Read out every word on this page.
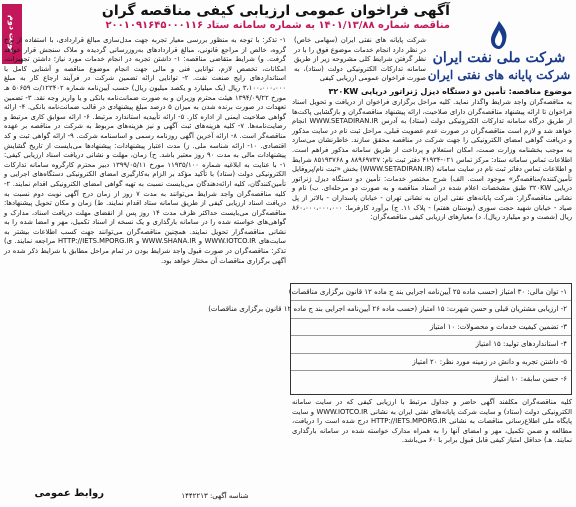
نوبت دوم
آگهی فراخوان عمومی ارزیابی کیفی مناقصه گران
مناقصه شماره ۱۴۰۱/۱۳/۸۸ به شماره سامانه ستاد ۲۰۰۱۰۹۱۶۴۵۰۰۰۱۱۶
شرکت ملی نفت ایران
شرکت پایانه های نفتی ایران
شرکت پایانه های نفتی ایران (سهامی خاص) در نظر دارد انجام خدمات موضوع فوق را با در نظر گرفتن شرایط کلی مشروحه زیر از طریق سامانه تدارکات الکترونیکی دولت (ستاد)، به صورت فراخوان عمومی ارزیابی کیفی
موضوع مناقصه: تأمین دو دستگاه دیزل ژنراتور دریایی ۳۲۰KW
به مناقصه‌گران واجد شرایط واگذار نماید. کلیه مراحل برگزاری فراخوان از دریافت و تحویل اسناد فراخوان تا ارائه پیشنهاد مناقصه‌گران دارای صلاحیت، ارائه پیشنهاد مناقصه‌گران و بازگشایی پاکت‌ها از طریق درگاه سامانه تدارکات الکترونیکی دولت (ستاد) به آدرس WWW.SETADIRAN.IR انجام خواهد شد و لازم است مناقصه‌گران در صورت عدم عضویت قبلی، مراحل ثبت نام در سایت مذکور و دریافت گواهی امضای الکترونیکی را جهت شرکت در مناقصه محقق سازند. خاطرنشان می‌سازد به موجب بخشنامه وزارت صمت، امکان استعلام و پرداخت از طریق سامانه مذکور فراهم است. اطلاعات تماس سامانه ستاد: مرکز تماس ۰۲۱-۴۱۹۳۴ دفتر ثبت نام: ۸۸۹۶۹۷۳۷ و ۸۵۱۹۳۷۶۸ شرایط و اطلاعات تماس دفاتر ثبت نام در سایت سامانه (WWW.SETADIRAN.IR) بخش «ثبت نام/پروفایل تأمین‌کننده/مناقصه‌گر» موجود است. الف) شرح مختصر خدمات: تأمین دو دستگاه دیزل ژنراتور دریایی ۳۲۰KW طبق مشخصات اعلام شده در اسناد مناقصه و به صورت دو مرحله‌ای. ب) نام و نشانی مناقصه‌گزار: شرکت پایانه‌های نفتی ایران به نشانی تهران - خیابان پاسداران - بالاتر از پل صیاد - خیابان شهید حجت سوری (بوستان هفتم) - پلاک ۱۱. ج) برآورد کارفرما: ۸۶۰،۰۰۰،۰۰۰،۰۰۰ ریال (شصت و دو میلیارد ریال). د) معیارهای ارزیابی کیفی مناقصه‌گران:
۱- توان مالی: ۳۰ امتیاز (حسب ماده ۲۵ آیین‌نامه اجرایی بند ج ماده ۱۲ قانون برگزاری مناقصات)
۲- ارزیابی مشتریان قبلی و حسن شهرت: ۱۵ امتیاز (حسب ماده ۲۶ آیین‌نامه اجرایی بند ج ماده ۱۲ قانون برگزاری مناقصات)
۳- تضمین کیفیت خدمات و محصولات: ۱۰ امتیاز
۴- استانداردهای تولید: ۱۵ امتیاز
۵- داشتن تجربه و دانش در زمینه مورد نظر: ۲۰ امتیاز
۶- حسن سابقه: ۱۰ امتیاز
کلیه مناقصه‌گران مکلفند آگهی حاضر و جداول مرتبط با ارزیابی کیفی که در سایت سامانه الکترونیکی دولت (ستاد) و سایت شرکت پایانه‌های نفتی ایران به نشانی WWW.IOTCO.IR و سایت پایگاه ملی اطلاع‌رسانی مناقصات به نشانی HTTP://IETS.MPORG.IR درج شده است را دریافت، مطالعه و ضمن تکمیل، مهر و امضای آنها را به همراه مدارک خواسته شده در سامانه بارگذاری نمایند. هـ) حداقل امتیاز کیفی قابل قبول برابر با ۶۰ می‌باشد.
۱- تذکر: با توجه به منظور بررسی معیار تجربه جهت مدل‌سازی مبالغ قراردادی، با استفاده از نرخ گروه، خالص از مراجع قانونی، مبالغ قراردادهای به‌روزرسانی گردیده و ملاک سنجش قرار خواهد گرفت. و) شرایط متقاضی مناقصه: ۱- داشتن تجربه در انجام خدمات مورد نیاز؛ داشتن تجهیزات، امکانات، تخصص لازم، توانایی فنی و مالی جهت انجام موضوع مناقصه و آشنایی کامل با استانداردهای رایج صنعت نفت. ۲- توانایی ارائه تضمین شرکت در فرآیند ارجاع کار به مبلغ ۳،۱۰۰،۰۰۰،۰۰۰ ریال (یک میلیارد و یکصد میلیون ریال) حسب آیین‌نامه شماره ۱۲۳۴۰۲/ت ۵۰۶۵۹ هـ مورخ ۱۳۹۴/۰۹/۲۲ هیئت محترم وزیران و به صورت ضمانت‌نامه بانکی و یا واریز وجه نقد. ۳- تضمین تعهدات در صورت برنده شدن به میزان ۵ درصد مبلغ پیشنهادی در قالب ضمانت‌نامه بانکی. ۴- ارائه گواهی صلاحیت ایمنی از اداره کار. ۵- ارائه تأییدیه استاندارد مرتبط. ۶- ارائه سوابق کاری مرتبط و رضایت‌نامه‌ها. ۷- کلیه هزینه‌های ثبت آگهی و نیز هزینه‌های مربوط به شرکت در مناقصه بر عهده مناقصه‌گر است. ۸- ارائه آخرین آگهی روزنامه رسمی و اساسنامه شرکت. ۹- ارائه گواهی ثبت و کد اقتصادی. ۱۰- ارائه شناسه ملی. ز) مدت اعتبار پیشنهادات: پیشنهادها می‌بایست از تاریخ گشایش پیشنهادات مالی به مدت ۹۰ روز معتبر باشد. ح) زمان، مهلت و نشانی دریافت اسناد ارزیابی کیفی: ۱- با عنایت به ابلاغیه شماره ۱۱۹۳۵/۱۰۰ مورخ ۱۳۹۹/۰۵/۱۱ دبیر محترم کارگروه سامانه تدارکات الکترونیکی دولت (ستاد) با تأکید مؤکد بر الزام به‌کارگیری امضای الکترونیکی دستگاه‌های اجرایی و تأمین‌کنندگان، کلیه ارائه‌دهندگان می‌بایست نسبت به تهیه گواهی امضای الکترونیکی اقدام نمایند. ۲- کلیه مناقصه‌گران واجد شرایط می‌توانند به مدت ۷ روز از زمان درج آگهی نوبت دوم نسبت به دریافت اسناد ارزیابی کیفی از طریق سامانه ستاد اقدام نمایند. ط) زمان و مکان تحویل پیشنهادها: مناقصه‌گران می‌بایست حداکثر ظرف مدت ۱۴ روز پس از انقضای مهلت دریافت اسناد، مدارک و گواهی‌های خواسته شده را در سامانه بارگذاری و یک نسخه از اسناد تکمیل، مهر و امضا شده را به نشانی مناقصه‌گزار تحویل نمایند. همچنین مناقصه‌گران می‌توانند جهت کسب اطلاعات بیشتر به سایت‌های WWW.IOTCO.IR و WWW.SHANA.IR و HTTP://IETS.MPORG.IR مراجعه نمایند. ی) تذکر: مناقصه‌گران در صورت قبول واجد شرایط بودن در تمام مراحل مطابق با شرایط ذکر شده در آگهی برگزاری مناقصات آن مختار خواهد بود.
روابط عمومی	شناسه آگهی: ۱۴۴۲۲۱۳
